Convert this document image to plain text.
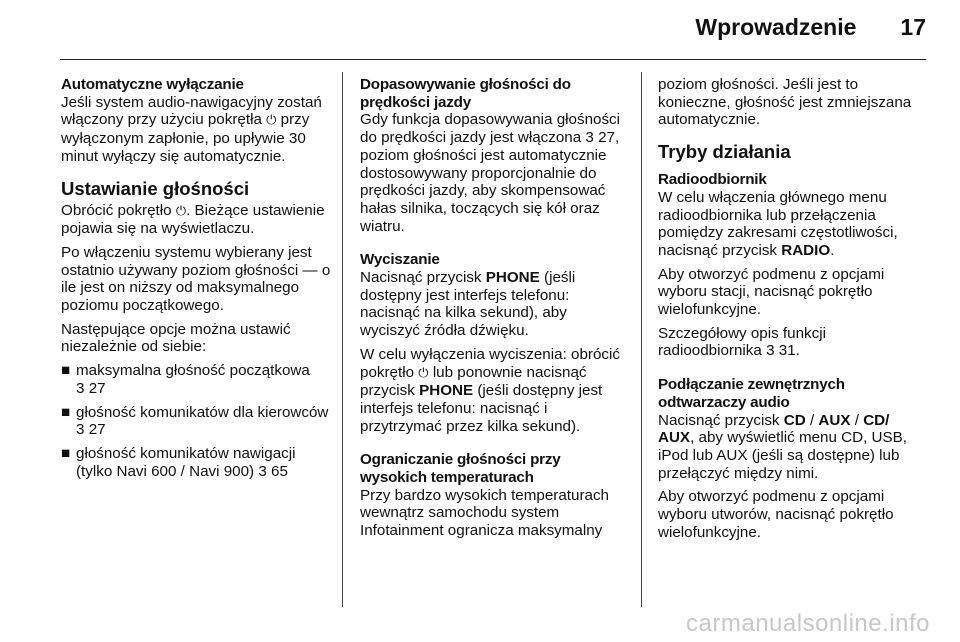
Wprowadzenie 17

Automatyczne wyłączanie

Jeśli system audio-nawigacyjny zostań włączony przy użyciu pokrętła ⏻ przy wyłączonym zapłonie, po upływie 30 minut wyłączy się automatycznie.

Ustawianie głośności

Obrócić pokrętło ⏻. Bieżące ustawienie pojawia się na wyświetlaczu.

Po włączeniu systemu wybierany jest ostatnio używany poziom głośności — o ile jest on niższy od maksymalnego poziomu początkowego.

Następujące opcje można ustawić niezależnie od siebie:

■ maksymalna głośność początkowa
3 27
■ głośność komunikatów dla kierowców 3 27
■ głośność komunikatów nawigacji (tylko Navi 600 / Navi 900) 3 65

Dopasowywanie głośności do prędkości jazdy

Gdy funkcja dopasowywania głośności do prędkości jazdy jest włączona 3 27, poziom głośności jest automatycznie dostosowywany proporcjonalnie do prędkości jazdy, aby skompensować hałas silnika, toczących się kół oraz wiatru.

Wyciszanie

Nacisnąć przycisk PHONE (jeśli dostępny jest interfejs telefonu: nacisnąć na kilka sekund), aby wyciszyć źródła dźwięku.

W celu wyłączenia wyciszenia: obrócić pokrętło ⏻ lub ponownie nacisnąć przycisk PHONE (jeśli dostępny jest interfejs telefonu: nacisnąć i przytrzymać przez kilka sekund).

Ograniczanie głośności przy wysokich temperaturach

Przy bardzo wysokich temperaturach wewnątrz samochodu system Infotainment ogranicza maksymalny

poziom głośności. Jeśli jest to konieczne, głośność jest zmniejszana automatycznie.

Tryby działania

Radioodbiornik

W celu włączenia głównego menu radioodbiornika lub przełączenia pomiędzy zakresami częstotliwości, nacisnąć przycisk RADIO.

Aby otworzyć podmenu z opcjami wyboru stacji, nacisnąć pokrętło wielofunkcyjne.

Szczegółowy opis funkcji radioodbiornika 3 31.

Podłączanie zewnętrznych odtwarzaczy audio

Nacisnąć przycisk CD / AUX / CD/ AUX, aby wyświetlić menu CD, USB, iPod lub AUX (jeśli są dostępne) lub przełączyć między nimi.

Aby otworzyć podmenu z opcjami wyboru utworów, nacisnąć pokrętło wielofunkcyjne.

carmanualsonline.info
